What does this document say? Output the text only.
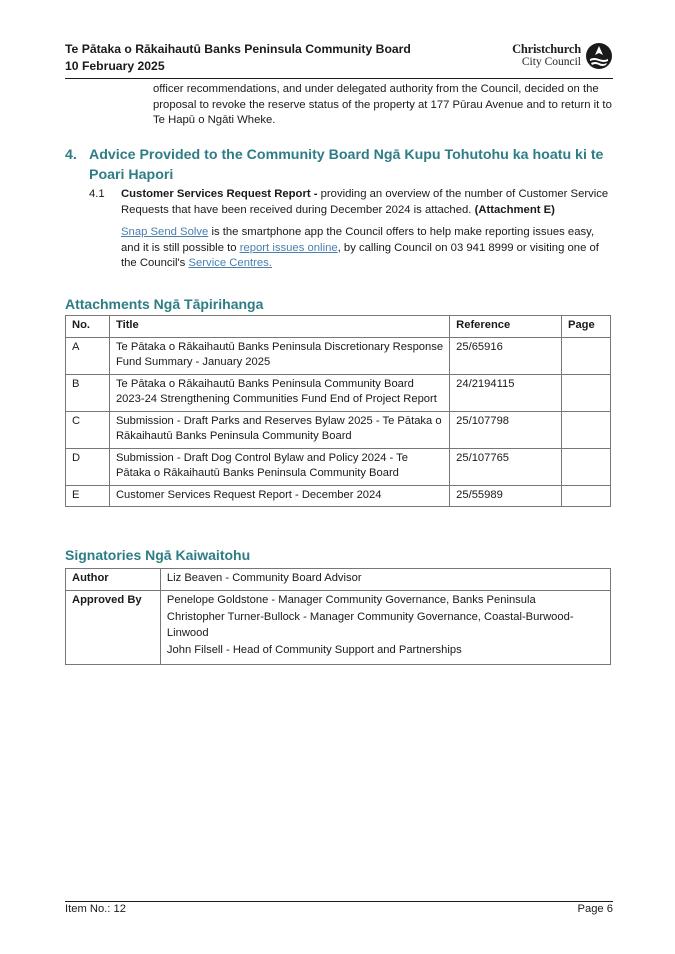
Te Pātaka o Rākaihautū Banks Peninsula Community Board
10 February 2025
Christchurch
City Council
officer recommendations, and under delegated authority from the Council, decided on the proposal to revoke the reserve status of the property at 177 Pūrau Avenue and to return it to Te Hapū o Ngāti Wheke.
4. Advice Provided to the Community Board Ngā Kupu Tohutohu ka hoatu ki te Poari Hapori
4.1 Customer Services Request Report - providing an overview of the number of Customer Service Requests that have been received during December 2024 is attached. (Attachment E)
Snap Send Solve is the smartphone app the Council offers to help make reporting issues easy, and it is still possible to report issues online, by calling Council on 03 941 8999 or visiting one of the Council's Service Centres.
Attachments Ngā Tāpirihanga
No.	Title	Reference	Page
A	Te Pātaka o Rākaihautū Banks Peninsula Discretionary Response Fund Summary - January 2025	25/65916	
B	Te Pātaka o Rākaihautū Banks Peninsula Community Board 2023-24 Strengthening Communities Fund End of Project Report	24/2194115	
C	Submission - Draft Parks and Reserves Bylaw 2025 - Te Pātaka o Rākaihautū Banks Peninsula Community Board	25/107798	
D	Submission - Draft Dog Control Bylaw and Policy 2024 - Te Pātaka o Rākaihautū Banks Peninsula Community Board	25/107765	
E	Customer Services Request Report - December 2024	25/55989	
Signatories Ngā Kaiwaitohu
Author	Liz Beaven - Community Board Advisor
Approved By	Penelope Goldstone - Manager Community Governance, Banks Peninsula
Christopher Turner-Bullock - Manager Community Governance, Coastal-Burwood-Linwood
John Filsell - Head of Community Support and Partnerships
Item No.: 12	Page 6
